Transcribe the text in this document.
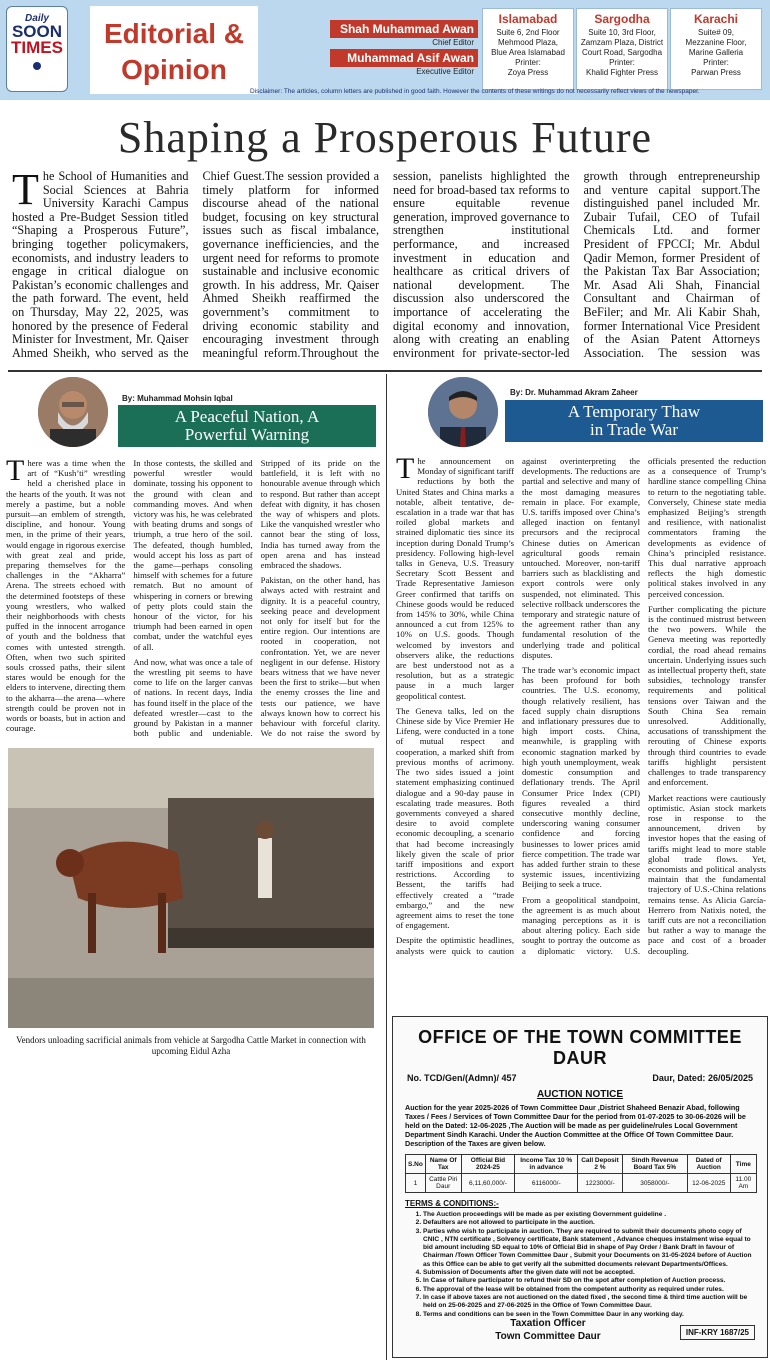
Daily
SOON
TIMES	Editorial &
Opinion
Shah Muhammad Awan
Chief Editor
Muhammad Asif Awan
Executive Editor
Islamabad
Suite 6, 2nd Floor
Mehmood Plaza,
Blue Area Islamabad
Printer:
Zoya Press
Sargodha
Suite 10, 3rd Floor,
Zamzam Plaza, District
Court Road, Sargodha
Printer:
Khalid Fighter Press
Karachi
Suite# 09,
Mezzanine Floor,
Marine Galleria
Printer:
Parwan Press
Disclaimer: The articles, column letters are published in good faith. However the contents of these writings do not necessarily reflect views of the newspaper.
Shaping a Prosperous Future
The School of Humanities and Social Sciences at Bahria University Karachi Campus hosted a Pre-Budget Session titled “Shaping a Prosperous Future”, bringing together policymakers, economists, and industry leaders to engage in critical dialogue on Pakistan’s economic challenges and the path forward. The event, held on Thursday, May 22, 2025, was honored by the presence of Federal Minister for Investment, Mr. Qaiser Ahmed Sheikh, who served as the Chief Guest.The session provided a timely platform for informed discourse ahead of the national budget, focusing on key structural issues such as fiscal imbalance, governance inefficiencies, and the urgent need for reforms to promote sustainable and inclusive economic growth. In his address, Mr. Qaiser Ahmed Sheikh reaffirmed the government’s commitment to driving economic stability and encouraging investment through meaningful reform.Throughout the session, panelists highlighted the need for broad-based tax reforms to ensure equitable revenue generation, improved governance to strengthen institutional performance, and increased investment in education and healthcare as critical drivers of national development. The discussion also underscored the importance of accelerating the digital economy and innovation, along with creating an enabling environment for private-sector-led growth through entrepreneurship and venture capital support.The distinguished panel included Mr. Zubair Tufail, CEO of Tufail Chemicals Ltd. and former President of FPCCI; Mr. Abdul Qadir Memon, former President of the Pakistan Tax Bar Association; Mr. Asad Ali Shah, Financial Consultant and Chairman of BeFiler; and Mr. Ali Kabir Shah, former International Vice President of the Asian Patent Attorneys Association. The session was
By: Muhammad Mohsin Iqbal
A Peaceful Nation, A
Powerful Warning

There was a time when the art of “Kush’ti” wrestling held a cherished place in the hearts of the youth. It was not merely a pastime, but a noble pursuit—an emblem of strength, discipline, and honour. Young men, in the prime of their years, would engage in rigorous exercise with great zeal and pride, preparing themselves for the challenges in the “Akharra” Arena. The streets echoed with the determined footsteps of these young wrestlers, who walked their neighborhoods with chests puffed in the innocent arrogance of youth and the boldness that comes with untested strength. Often, when two such spirited souls crossed paths, their silent stares would be enough for the elders to intervene, directing them to the akharra—the arena—where strength could be proven not in words or boasts, but in action and courage.

In those contests, the skilled and powerful wrestler would dominate, tossing his opponent to the ground with clean and commanding moves. And when victory was his, he was celebrated with beating drums and songs of triumph, a true hero of the soil. The defeated, though humbled, would accept his loss as part of the game—perhaps consoling himself with schemes for a future rematch. But no amount of whispering in corners or brewing of petty plots could stain the honour of the victor, for his triumph had been earned in open combat, under the watchful eyes of all.

And now, what was once a tale of the wrestling pit seems to have come to life on the larger canvas of nations. In recent days, India has found itself in the place of the defeated wrestler—cast to the ground by Pakistan in a manner both public and undeniable. Stripped of its pride on the battlefield, it is left with no honourable avenue through which to respond. But rather than accept defeat with dignity, it has chosen the way of whispers and plots. Like the vanquished wrestler who cannot bear the sting of loss, India has turned away from the open arena and has instead embraced the shadows.

Pakistan, on the other hand, has always acted with restraint and dignity. It is a peaceful country, seeking peace and development not only for itself but for the entire region. Our intentions are rooted in cooperation, not confrontation. Yet, we are never negligent in our defense. History bears witness that we have never been the first to strike—but when the enemy crosses the line and tests our patience, we have always known how to correct his behaviour with forceful clarity. We do not raise the sword by

By: Dr. Muhammad Akram Zaheer
A Temporary Thaw
in Trade War

The announcement on Monday of significant tariff reductions by both the United States and China marks a notable, albeit tentative, de-escalation in a trade war that has roiled global markets and strained diplomatic ties since its inception during Donald Trump’s presidency. Following high-level talks in Geneva, U.S. Treasury Secretary Scott Bessent and Trade Representative Jamieson Greer confirmed that tariffs on Chinese goods would be reduced from 145% to 30%, while China announced a cut from 125% to 10% on U.S. goods. Though welcomed by investors and observers alike, the reductions are best understood not as a resolution, but as a strategic pause in a much larger geopolitical contest.

The Geneva talks, led on the Chinese side by Vice Premier He Lifeng, were conducted in a tone of mutual respect and cooperation, a marked shift from previous months of acrimony. The two sides issued a joint statement emphasizing continued dialogue and a 90-day pause in escalating trade measures. Both governments conveyed a shared desire to avoid complete economic decoupling, a scenario that had become increasingly likely given the scale of prior tariff impositions and export restrictions. According to Bessent, the tariffs had effectively created a “trade embargo,” and the new agreement aims to reset the tone of engagement.

Despite the optimistic headlines, analysts were quick to caution against overinterpreting the developments. The reductions are partial and selective and many of the most damaging measures remain in place. For example, U.S. tariffs imposed over China’s alleged inaction on fentanyl precursors and the reciprocal Chinese duties on American agricultural goods remain untouched. Moreover, non-tariff barriers such as blacklisting and export controls were only suspended, not eliminated. This selective rollback underscores the temporary and strategic nature of the agreement rather than any fundamental resolution of the underlying trade and political disputes.

The trade war’s economic impact has been profound for both countries. The U.S. economy, though relatively resilient, has faced supply chain disruptions and inflationary pressures due to high import costs. China, meanwhile, is grappling with economic stagnation marked by high youth unemployment, weak domestic consumption and deflationary trends. The April Consumer Price Index (CPI) figures revealed a third consecutive monthly decline, underscoring waning consumer confidence and forcing businesses to lower prices amid fierce competition. The trade war has added further strain to these systemic issues, incentivizing Beijing to seek a truce.

From a geopolitical standpoint, the agreement is as much about managing perceptions as it is about altering policy. Each side sought to portray the outcome as a diplomatic victory. U.S. officials presented the reduction as a consequence of Trump’s hardline stance compelling China to return to the negotiating table. Conversely, Chinese state media emphasized Beijing’s strength and resilience, with nationalist commentators framing the developments as evidence of China’s principled resistance. This dual narrative approach reflects the high domestic political stakes involved in any perceived concession.

Further complicating the picture is the continued mistrust between the two powers. While the Geneva meeting was reportedly cordial, the road ahead remains uncertain. Underlying issues such as intellectual property theft, state subsidies, technology transfer requirements and political tensions over Taiwan and the South China Sea remain unresolved. Additionally, accusations of transshipment the rerouting of Chinese exports through third countries to evade tariffs highlight persistent challenges to trade transparency and enforcement.

Market reactions were cautiously optimistic. Asian stock markets rose in response to the announcement, driven by investor hopes that the easing of tariffs might lead to more stable global trade flows. Yet, economists and political analysts maintain that the fundamental trajectory of U.S.-China relations remains tense. As Alicia García-Herrero from Natixis noted, the tariff cuts are not a reconciliation but rather a way to manage the pace and cost of a broader decoupling.

Vendors unloading sacrificial animals from vehicle at Sargodha Cattle Market in connection with upcoming Eidul Azha
OFFICE OF THE TOWN COMMITTEE DAUR
No. TCD/Gen/(Admn)/ 457	Daur, Dated: 26/05/2025
AUCTION NOTICE
Auction for the year 2025-2026 of Town Committee Daur ,District Shaheed Benazir Abad, following Taxes / Fees / Services of Town Committee Daur for the period from 01-07-2025 to 30-06-2026 will be held on the Dated: 12-06-2025 ,The Auction will be made as per guideline/rules Local Government Department Sindh Karachi. Under the Auction Committee at the Office Of Town Committee Daur. Description of the Taxes are given below.
S.No	Name Of Tax	Official Bid 2024-25	Income Tax 10 % in advance	Call Deposit 2 %	Sindh Revenue Board Tax 5%	Dated of Auction	Time
1	Cattle Piri Daur	6,11,60,000/-	6116000/-	1223000/-	3058000/-	12-06-2025	11.00 Am
TERMS & CONDITIONS:-
1. The Auction proceedings will be made as per existing Government guideline .
2. Defaulters are not allowed to participate in the auction.
3. Parties who wish to participate in auction. They are required to submit their documents photo copy of CNIC , NTN certificate , Solvency certificate, Bank statement , Advance cheques instalment wise equal to bid amount including SD equal to 10% of Official Bid in shape of Pay Order / Bank Draft in favour of Chairman /Town Officer Town Committee Daur , Submit your Documents on 31-05-2024 before of Auction as this Office can be able to get verify all the submitted documents relevant Departments/Offices.
4. Submission of Documents after the given date will not be accepted.
5. In Case of failure participator to refund their SD on the spot after completion of Auction process.
6. The approval of the lease will be obtained from the competent authority as required under rules.
7. In case if above taxes are not auctioned on the dated fixed , the second time & third time auction will be held on 25-06-2025 and 27-06-2025 in the Office of Town Committee Daur.
8. Terms and conditions can be seen in the Town Committee Daur in any working day.
Taxation Officer
Town Committee Daur	INF-KRY 1687/25
